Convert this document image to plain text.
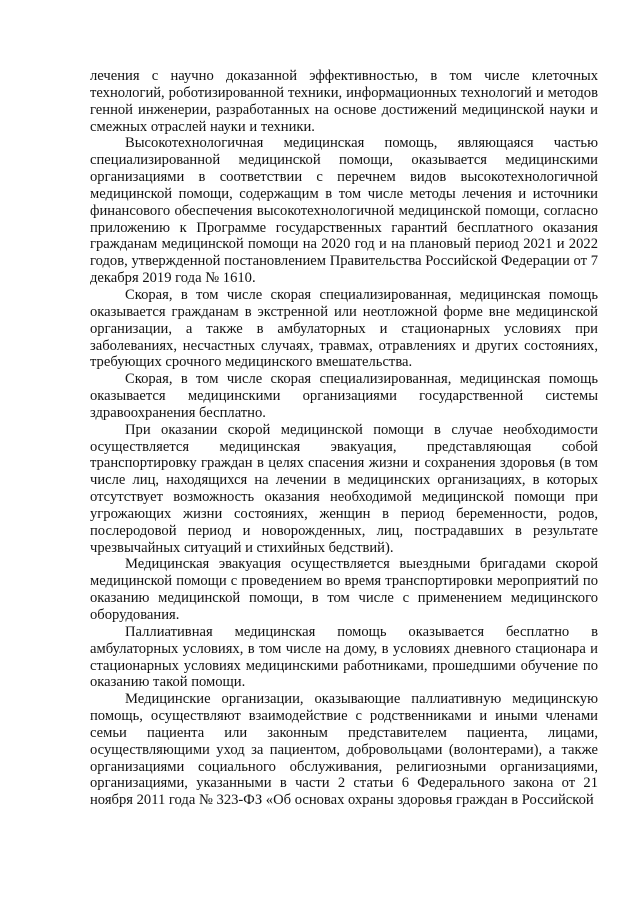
лечения с научно доказанной эффективностью, в том числе клеточных технологий, роботизированной техники, информационных технологий и методов генной инженерии, разработанных на основе достижений медицинской науки и смежных отраслей науки и техники.

Высокотехнологичная медицинская помощь, являющаяся частью специализированной медицинской помощи, оказывается медицинскими организациями в соответствии с перечнем видов высокотехнологичной медицинской помощи, содержащим в том числе методы лечения и источники финансового обеспечения высокотехнологичной медицинской помощи, согласно приложению к Программе государственных гарантий бесплатного оказания гражданам медицинской помощи на 2020 год и на плановый период 2021 и 2022 годов, утвержденной постановлением Правительства Российской Федерации от 7 декабря 2019 года № 1610.

Скорая, в том числе скорая специализированная, медицинская помощь оказывается гражданам в экстренной или неотложной форме вне медицинской организации, а также в амбулаторных и стационарных условиях при заболеваниях, несчастных случаях, травмах, отравлениях и других состояниях, требующих срочного медицинского вмешательства.

Скорая, в том числе скорая специализированная, медицинская помощь оказывается медицинскими организациями государственной системы здравоохранения бесплатно.

При оказании скорой медицинской помощи в случае необходимости осуществляется медицинская эвакуация, представляющая собой транспортировку граждан в целях спасения жизни и сохранения здоровья (в том числе лиц, находящихся на лечении в медицинских организациях, в которых отсутствует возможность оказания необходимой медицинской помощи при угрожающих жизни состояниях, женщин в период беременности, родов, послеродовой период и новорожденных, лиц, пострадавших в результате чрезвычайных ситуаций и стихийных бедствий).

Медицинская эвакуация осуществляется выездными бригадами скорой медицинской помощи с проведением во время транспортировки мероприятий по оказанию медицинской помощи, в том числе с применением медицинского оборудования.

Паллиативная медицинская помощь оказывается бесплатно в амбулаторных условиях, в том числе на дому, в условиях дневного стационара и стационарных условиях медицинскими работниками, прошедшими обучение по оказанию такой помощи.

Медицинские организации, оказывающие паллиативную медицинскую помощь, осуществляют взаимодействие с родственниками и иными членами семьи пациента или законным представителем пациента, лицами, осуществляющими уход за пациентом, добровольцами (волонтерами), а также организациями социального обслуживания, религиозными организациями, организациями, указанными в части 2 статьи 6 Федерального закона от 21 ноября 2011 года № 323-ФЗ «Об основах охраны здоровья граждан в Российской
